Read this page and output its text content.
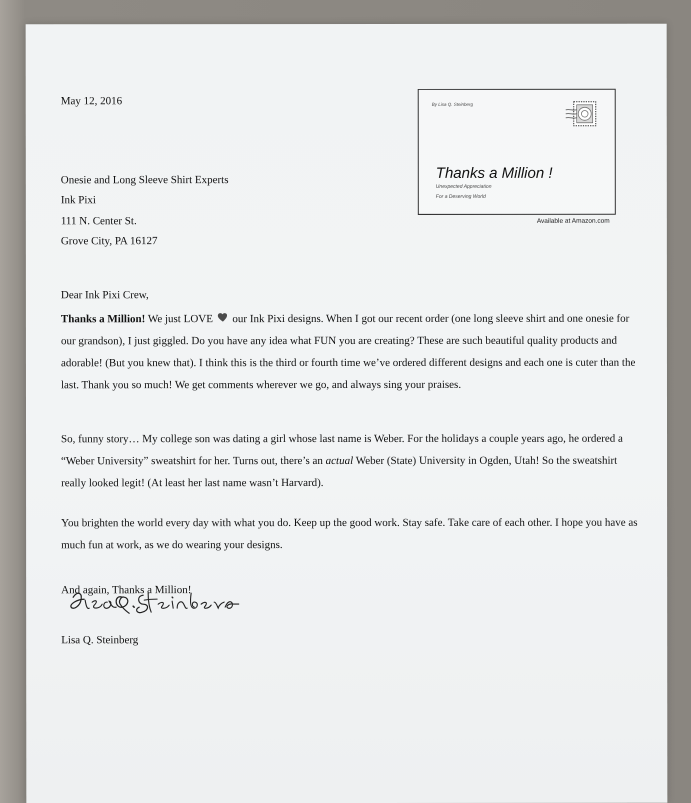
May 12, 2016	By Lisa Q. Steinberg
Thanks a Million !
Unexpected Appreciation
For a Deserving World
Available at Amazon.com
Onesie and Long Sleeve Shirt Experts
Ink Pixi
111 N. Center St.
Grove City, PA 16127
Dear Ink Pixi Crew,
Thanks a Million! We just LOVE  our Ink Pixi designs. When I got our recent order (one long sleeve shirt and one onesie for our grandson), I just giggled. Do you have any idea what FUN you are creating? These are such beautiful quality products and adorable! (But you knew that). I think this is the third or fourth time we’ve ordered different designs and each one is cuter than the last. Thank you so much! We get comments wherever we go, and always sing your praises.
So, funny story… My college son was dating a girl whose last name is Weber. For the holidays a couple years ago, he ordered a “Weber University” sweatshirt for her. Turns out, there’s an actual Weber (State) University in Ogden, Utah! So the sweatshirt really looked legit! (At least her last name wasn’t Harvard).
You brighten the world every day with what you do. Keep up the good work. Stay safe. Take care of each other. I hope you have as much fun at work, as we do wearing your designs.
And again, Thanks a Million!
Lisa Q. Steinberg
